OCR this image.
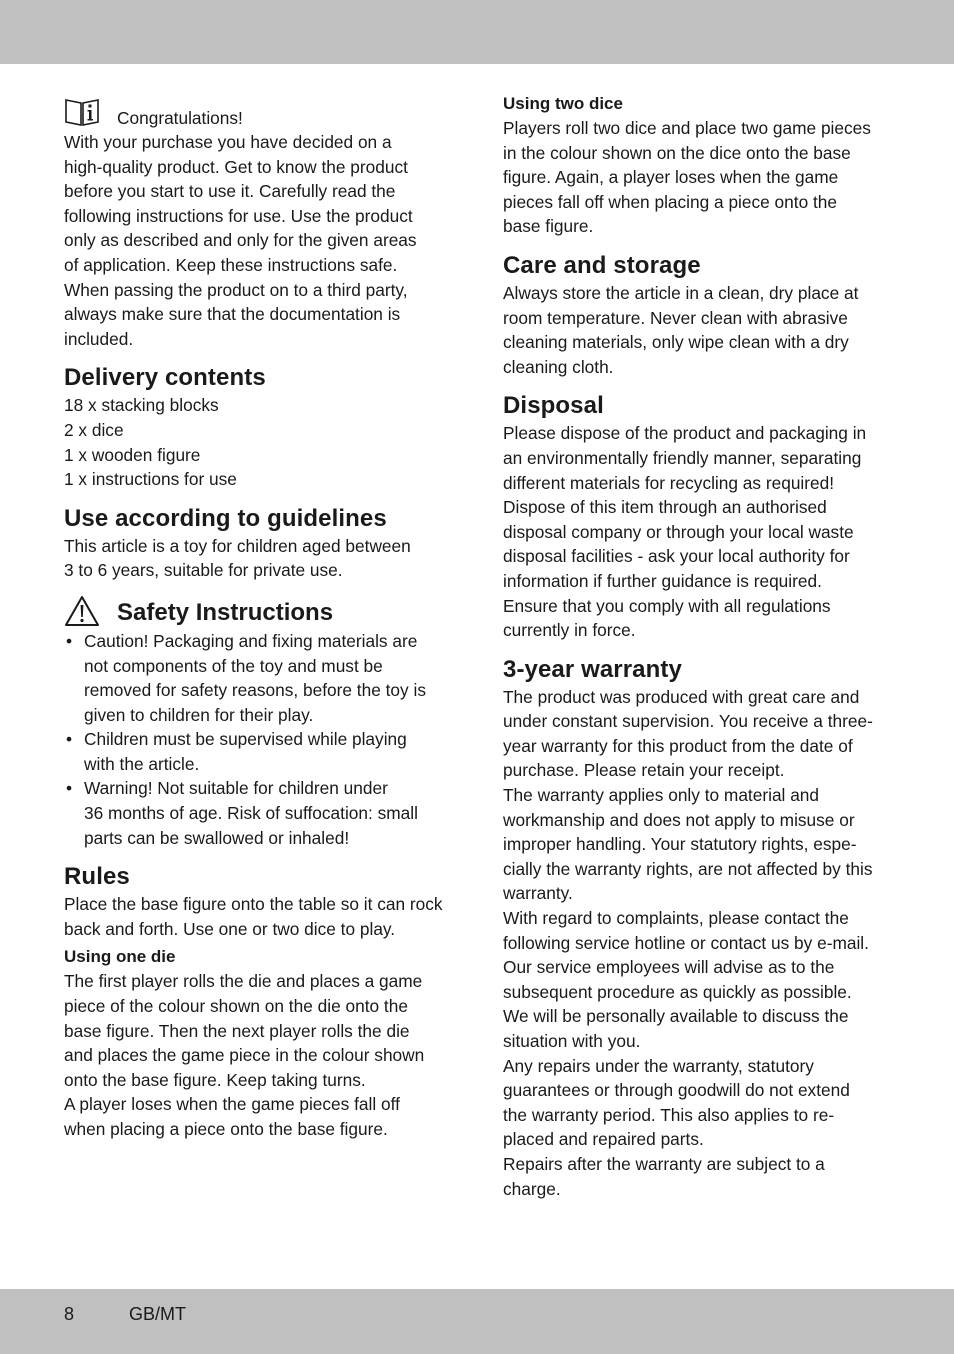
Congratulations!

With your purchase you have decided on a
high-quality product. Get to know the product
before you start to use it. Carefully read the
following instructions for use. Use the product
only as described and only for the given areas
of application. Keep these instructions safe.
When passing the product on to a third party,
always make sure that the documentation is
included.

Delivery contents

18 x stacking blocks

2 x dice

1 x wooden figure

1 x instructions for use

Use according to guidelines

This article is a toy for children aged between
3 to 6 years, suitable for private use.

Safety Instructions
• Caution! Packaging and fixing materials are
not components of the toy and must be
removed for safety reasons, before the toy is
given to children for their play.
• Children must be supervised while playing
with the article.
• Warning! Not suitable for children under
36 months of age. Risk of suffocation: small
parts can be swallowed or inhaled!
Rules

Place the base figure onto the table so it can rock
back and forth. Use one or two dice to play.

Using one die

The first player rolls the die and places a game
piece of the colour shown on the die onto the
base figure. Then the next player rolls the die
and places the game piece in the colour shown
onto the base figure. Keep taking turns.
A player loses when the game pieces fall off
when placing a piece onto the base figure.

Using two dice

Players roll two dice and place two game pieces
in the colour shown on the dice onto the base
figure. Again, a player loses when the game
pieces fall off when placing a piece onto the
base figure.

Care and storage

Always store the article in a clean, dry place at
room temperature. Never clean with abrasive
cleaning materials, only wipe clean with a dry
cleaning cloth.

Disposal

Please dispose of the product and packaging in
an environmentally friendly manner, separating
different materials for recycling as required!
Dispose of this item through an authorised
disposal company or through your local waste
disposal facilities - ask your local authority for
information if further guidance is required.
Ensure that you comply with all regulations
currently in force.

3-year warranty

The product was produced with great care and
under constant supervision. You receive a three-
year warranty for this product from the date of
purchase. Please retain your receipt.
The warranty applies only to material and
workmanship and does not apply to misuse or
improper handling. Your statutory rights, espe-
cially the warranty rights, are not affected by this
warranty.
With regard to complaints, please contact the
following service hotline or contact us by e-mail.
Our service employees will advise as to the
subsequent procedure as quickly as possible.
We will be personally available to discuss the
situation with you.
Any repairs under the warranty, statutory
guarantees or through goodwill do not extend
the warranty period. This also applies to re-
placed and repaired parts.
Repairs after the warranty are subject to a
charge.

8	GB/MT
